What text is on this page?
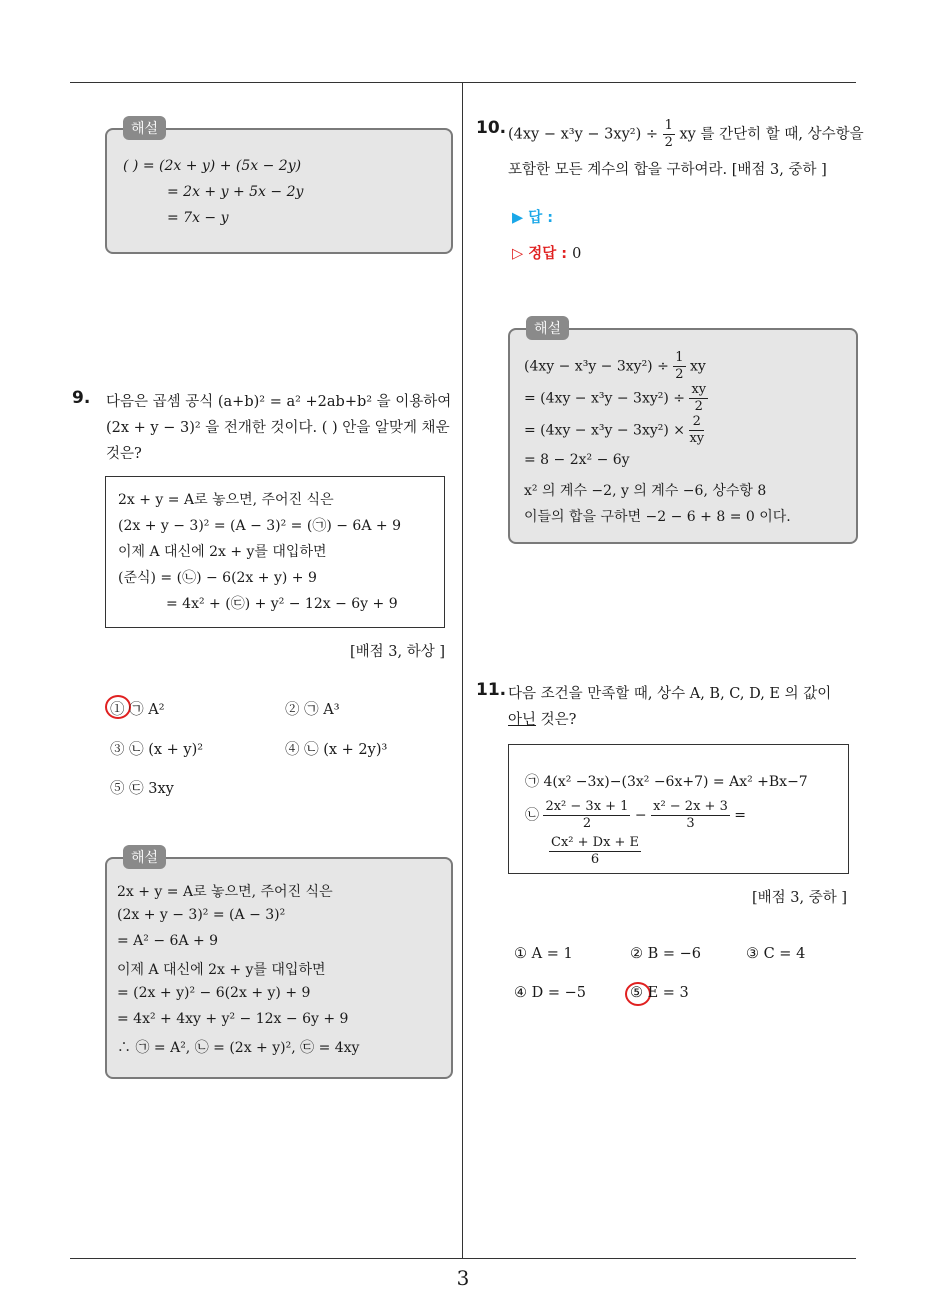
3
해설
( ) = (2x + y) + (5x − 2y)
= 2x + y + 5x − 2y
= 7x − y
9. 다음은 곱셈 공식 (a+b)² = a² +2ab+b² 을 이용하여
(2x + y − 3)² 을 전개한 것이다. ( ) 안을 알맞게 채운
것은?
2x + y = A로 놓으면, 주어진 식은
(2x + y − 3)² = (A − 3)² = (㉠) − 6A + 9
이제 A 대신에 2x + y를 대입하면
(준식) = (㉡) − 6(2x + y) + 9
= 4x² + (㉢) + y² − 12x − 6y + 9
[배점 3, 하상 ]
① ㉠ A²	② ㉠ A³
③ ㉡ (x + y)²	④ ㉡ (x + 2y)³
⑤ ㉢ 3xy
해설
2x + y = A로 놓으면, 주어진 식은
(2x + y − 3)² = (A − 3)²
= A² − 6A + 9
이제 A 대신에 2x + y를 대입하면
= (2x + y)² − 6(2x + y) + 9
= 4x² + 4xy + y² − 12x − 6y + 9
∴ ㉠ = A², ㉡ = (2x + y)², ㉢ = 4xy
10. $(4xy - x^3y - 3xy^2) \div \frac{1}{2}$ xy 를 간단히 할 때, 상수항을
포함한 모든 계수의 합을 구하여라. [배점 3, 중하 ]
▶ 답 :
▷ 정답 : 0
해설
$(4xy - x^3y - 3xy^2) \div \frac{1}{2}$ xy
= $(4xy - x^3y - 3xy^2) \div \frac{xy}{2}$
= $(4xy - x^3y - 3xy^2) \times \frac{2}{xy}$
= 8 − 2x² − 6y
x² 의 계수 −2, y 의 계수 −6, 상수항 8
이들의 합을 구하면 −2 − 6 + 8 = 0 이다.
11. 다음 조건을 만족할 때, 상수 A, B, C, D, E 의 값이
아닌 것은?
㉠ 4(x² −3x)−(3x² −6x+7) = Ax² +Bx−7
㉡ $\frac{\text{2x² − 3x + 1}}{2} - \frac{\text{x² − 2x + 3}}{3}$ =
$\frac{\text{Cx² + Dx + E}}{6}$
[배점 3, 중하 ]
① A = 1	② B = −6	③ C = 4
④ D = −5	⑤ E = 3
